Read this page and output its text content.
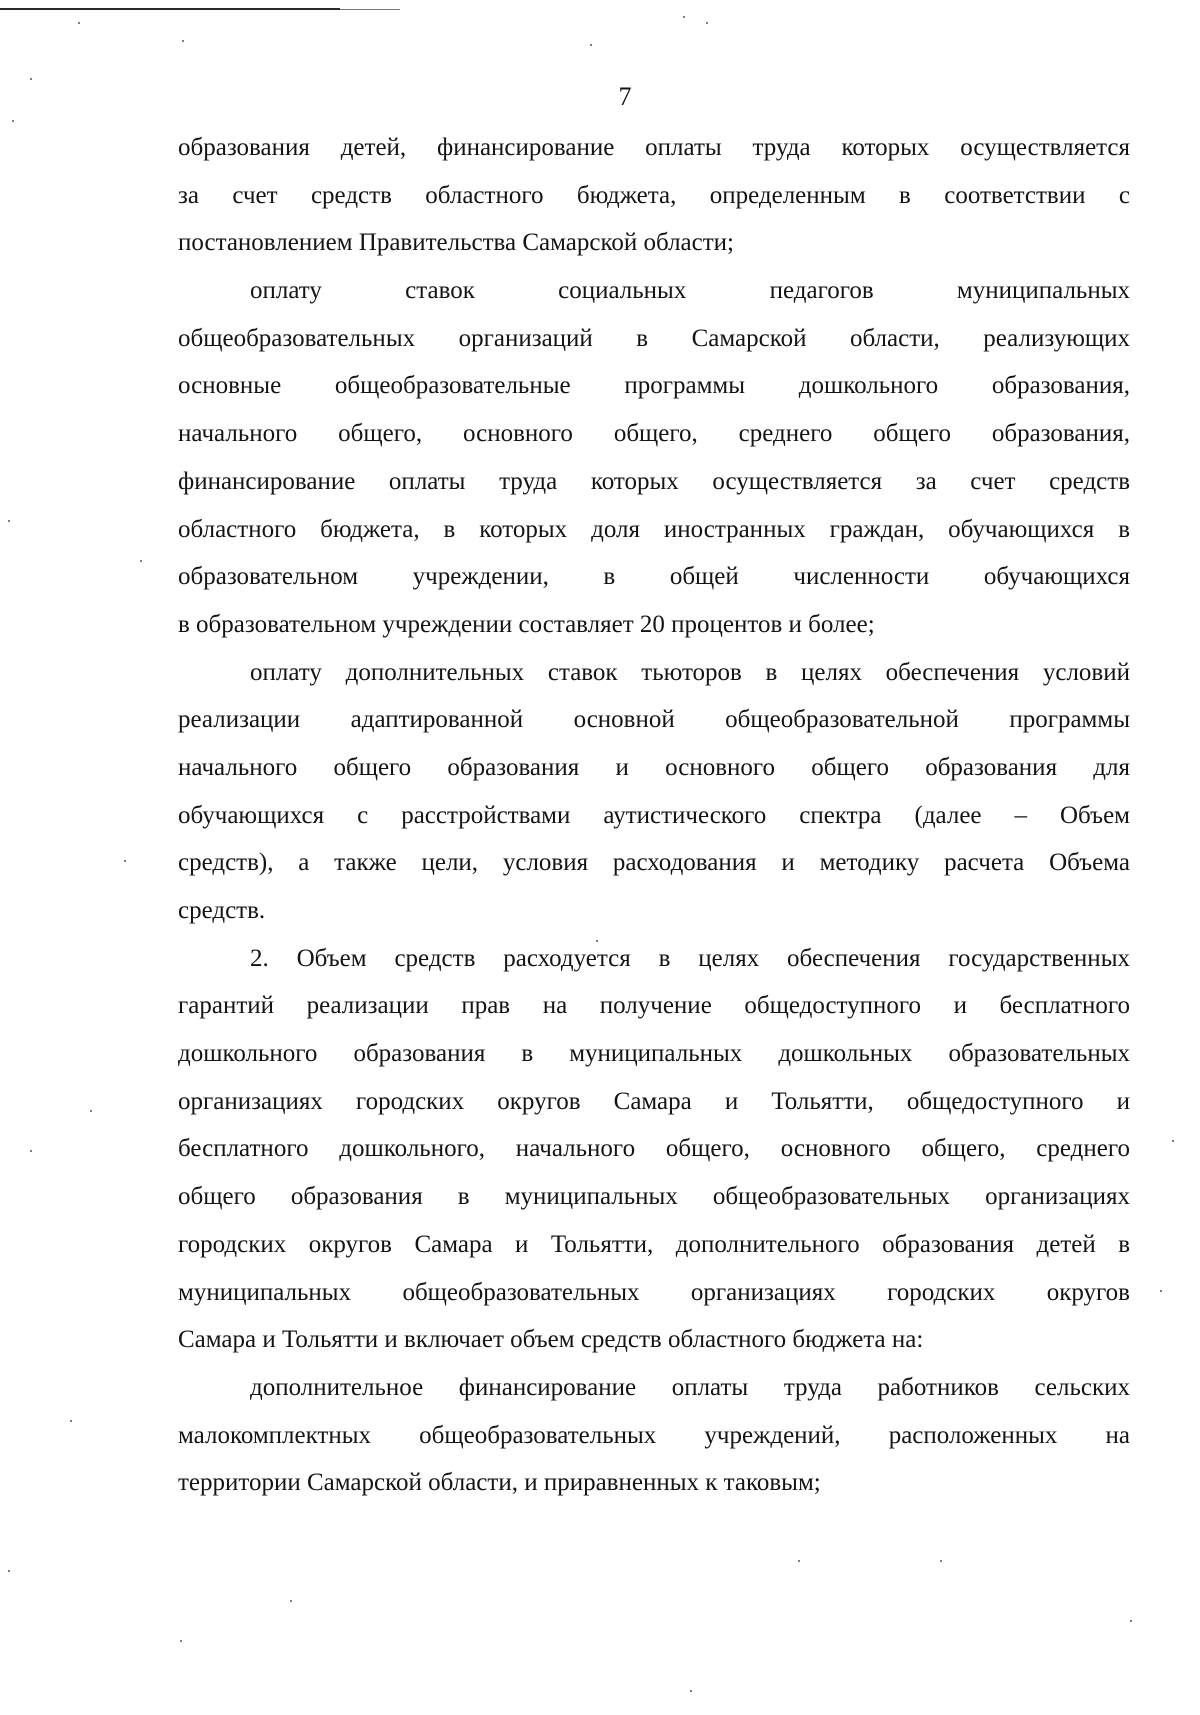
7
образования детей, финансирование оплаты труда которых осуществляется
за счет средств областного бюджета, определенным в соответствии с
постановлением Правительства Самарской области;
оплату ставок социальных педагогов муниципальных
общеобразовательных организаций в Самарской области, реализующих
основные общеобразовательные программы дошкольного образования,
начального общего, основного общего, среднего общего образования,
финансирование оплаты труда которых осуществляется за счет средств
областного бюджета, в которых доля иностранных граждан, обучающихся в
образовательном учреждении, в общей численности обучающихся
в образовательном учреждении составляет 20 процентов и более;
оплату дополнительных ставок тьюторов в целях обеспечения условий
реализации адаптированной основной общеобразовательной программы
начального общего образования и основного общего образования для
обучающихся с расстройствами аутистического спектра (далее – Объем
средств), а также цели, условия расходования и методику расчета Объема
средств.
2. Объем средств расходуется в целях обеспечения государственных
гарантий реализации прав на получение общедоступного и бесплатного
дошкольного образования в муниципальных дошкольных образовательных
организациях городских округов Самара и Тольятти, общедоступного и
бесплатного дошкольного, начального общего, основного общего, среднего
общего образования в муниципальных общеобразовательных организациях
городских округов Самара и Тольятти, дополнительного образования детей в
муниципальных общеобразовательных организациях городских округов
Самара и Тольятти и включает объем средств областного бюджета на:
дополнительное финансирование оплаты труда работников сельских
малокомплектных общеобразовательных учреждений, расположенных на
территории Самарской области, и приравненных к таковым;
